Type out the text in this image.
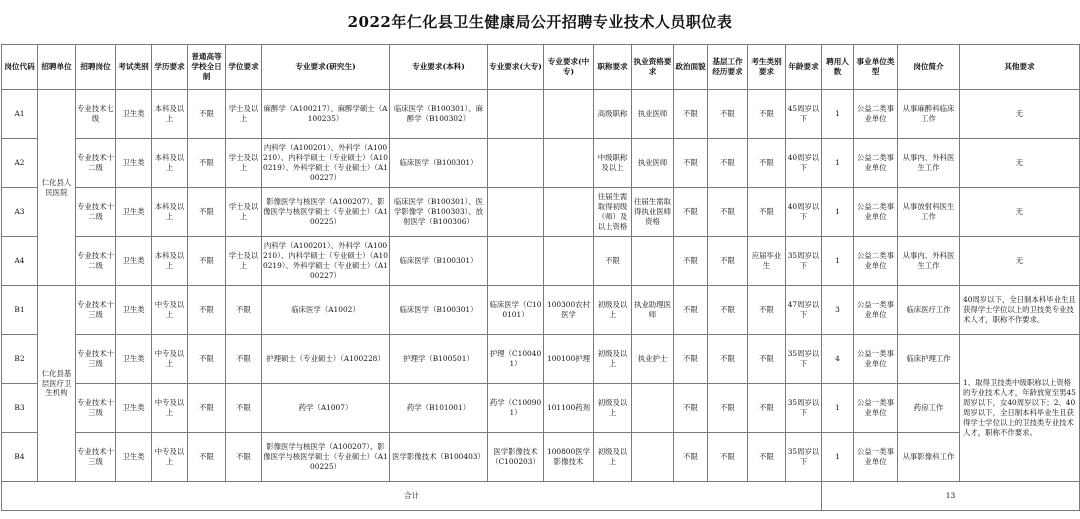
2022年仁化县卫生健康局公开招聘专业技术人员职位表
岗位代码	招聘单位	招聘岗位	考试类别	学历要求	普通高等学校全日制	学位要求	专业要求(研究生)	专业要求(本科)	专业要求(大专)	专业要求(中专)	职称要求	执业资格要求	政治面貌	基层工作经历要求	考生类别要求	年龄要求	聘用人数	事业单位类型	岗位简介	其他要求
A1	仁化县人民医院	专业技术七级	卫生类	本科及以上	不限	学士及以上	麻醉学（A100217）、麻醉学硕士（A100235）	临床医学（B100301）、麻醉学（B100302）			高级职称	执业医师	不限	不限	不限	45周岁以下	1	公益二类事业单位	从事麻醉科临床工作	无
A2		专业技术十二级	卫生类	本科及以上	不限	学士及以上	内科学（A100201）、外科学（A100210）、内科学硕士（专业硕士）（A100219）、外科学硕士（专业硕士）（A100227）	临床医学（B100301）			中级职称及以上	执业医师	不限	不限	不限	40周岁以下	1	公益二类事业单位	从事内、外科医生工作	无
A3		专业技术十二级	卫生类	本科及以上	不限	学士及以上	影像医学与核医学（A100207）、影像医学与核医学硕士（专业硕士）（A100225）	临床医学（B100301）、医学影像学（B100303）、放射医学（B100306）			往届生需取得初级（师）及以上资格	往届生需取得执业医师资格	不限	不限	不限	40周岁以下	1	公益二类事业单位	从事放射科医生工作	无
A4		专业技术十二级	卫生类	本科及以上	不限	学士及以上	内科学（A100201）、外科学（A100210）、内科学硕士（专业硕士）（A100219）、外科学硕士（专业硕士）（A100227）	临床医学（B100301）			不限		不限	不限	应届毕业生	35周岁以下	1	公益二类事业单位	从事内、外科医生工作	无
B1	仁化县基层医疗卫生机构	专业技术十三级	卫生类	中专及以上	不限	不限	临床医学（A1002）	临床医学（B100301）	临床医学（C100101）	100300农村医学	初级及以上	执业助理医师	不限	不限	不限	47周岁以下	3	公益一类事业单位	临床医疗工作	40周岁以下，全日制本科毕业生且获得学士学位以上的卫技类专业技术人才，职称不作要求。
B2		专业技术十三级	卫生类	中专及以上	不限	不限	护理硕士（专业硕士）（A100228）	护理学（B100501）	护理（C100401）	100100护理	初级及以上	执业护士	不限	不限	不限	35周岁以下	4	公益一类事业单位	临床护理工作	1、取得卫技类中级职称以上资格的专业技术人才，年龄放宽至男45周岁以下，女40周岁以下；2、40周岁以下，全日制本科毕业生且获得学士学位以上的卫技类专业技术人才，职称不作要求。
B3		专业技术十三级	卫生类	中专及以上	不限	不限	药学（A1007）	药学（B101001）	药学（C100901）	101100药剂	初级及以上		不限	不限	不限	35周岁以下	1	公益一类事业单位	药房工作	
B4		专业技术十三级	卫生类	中专及以上	不限	不限	影像医学与核医学（A100207）、影像医学与核医学硕士（专业硕士）（A100225）	医学影像技术（B100403）	医学影像技术（C100203）	100800医学影像技术	初级及以上		不限	不限	不限	35周岁以下	1	公益一类事业单位	从事影像科工作	
合计																	13			
